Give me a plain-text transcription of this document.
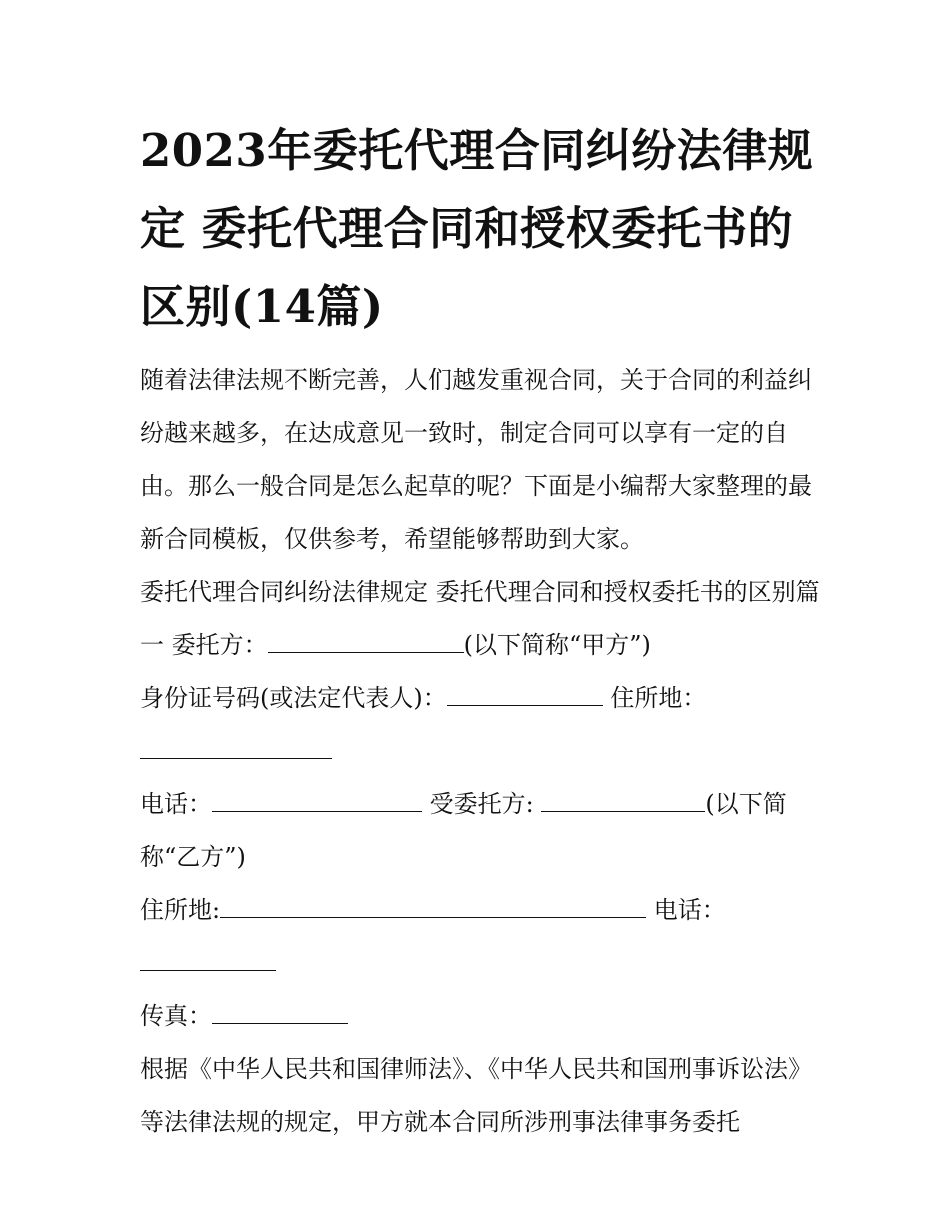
2023年委托代理合同纠纷法律规定 委托代理合同和授权委托书的区别(14篇)

随着法律法规不断完善，人们越发重视合同，关于合同的利益纠纷越来越多，在达成意见一致时，制定合同可以享有一定的自由。那么一般合同是怎么起草的呢？下面是小编帮大家整理的最新合同模板，仅供参考，希望能够帮助到大家。

委托代理合同纠纷法律规定 委托代理合同和授权委托书的区别篇一 委托方：	(以下简称“甲方”)

身份证号码(或法定代表人)：	住所地：

电话：	受委托方:	(以下简称“乙方”)

住所地:	电话：

传真：

根据《中华人民共和国律师法》、《中华人民共和国刑事诉讼法》等法律法规的规定，甲方就本合同所涉刑事法律事务委托
